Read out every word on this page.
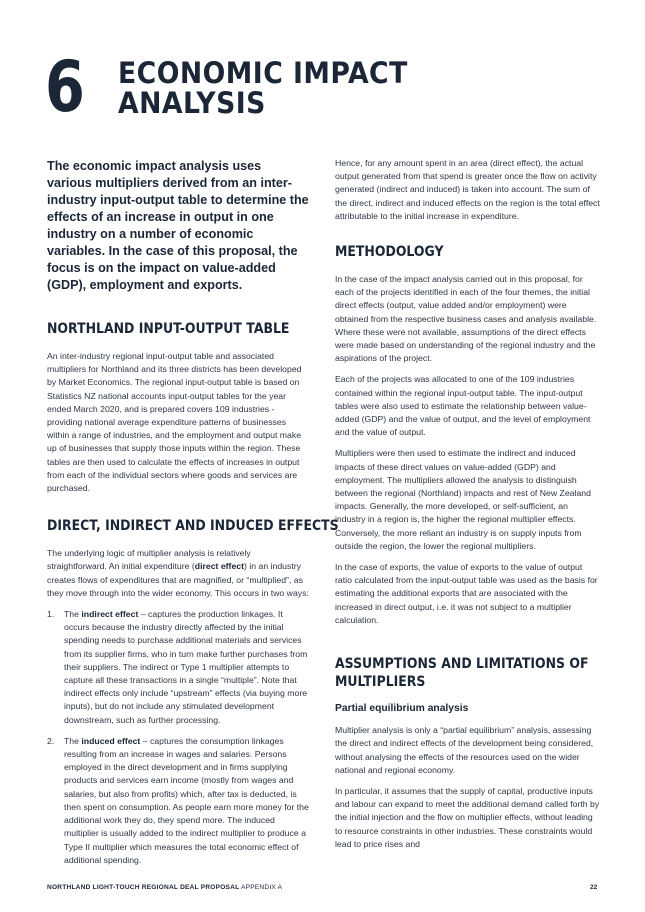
6 ECONOMIC IMPACT
ANALYSIS

The economic impact analysis uses various multipliers derived from an inter-industry input-output table to determine the effects of an increase in output in one industry on a number of economic variables. In the case of this proposal, the focus is on the impact on value-added (GDP), employment and exports.

NORTHLAND INPUT-OUTPUT TABLE

An inter-industry regional input-output table and associated multipliers for Northland and its three districts has been developed by Market Economics. The regional input-output table is based on Statistics NZ national accounts input-output tables for the year ended March 2020, and is prepared covers 109 industries - providing national average expenditure patterns of businesses within a range of industries, and the employment and output make up of businesses that supply those inputs within the region. These tables are then used to calculate the effects of increases in output from each of the individual sectors where goods and services are purchased.

DIRECT, INDIRECT AND INDUCED EFFECTS

The underlying logic of multiplier analysis is relatively straightforward. An initial expenditure (direct effect) in an industry creates flows of expenditures that are magnified, or “multiplied”, as they move through into the wider economy. This occurs in two ways:

1. The indirect effect – captures the production linkages. It occurs because the industry directly affected by the initial spending needs to purchase additional materials and services from its supplier firms, who in turn make further purchases from their suppliers. The indirect or Type 1 multiplier attempts to capture all these transactions in a single “multiple”. Note that indirect effects only include “upstream” effects (via buying more inputs), but do not include any stimulated development downstream, such as further processing.
2. The induced effect – captures the consumption linkages resulting from an increase in wages and salaries. Persons employed in the direct development and in firms supplying products and services earn income (mostly from wages and salaries, but also from profits) which, after tax is deducted, is then spent on consumption. As people earn more money for the additional work they do, they spend more. The induced multiplier is usually added to the indirect multiplier to produce a Type II multiplier which measures the total economic effect of additional spending.

Hence, for any amount spent in an area (direct effect), the actual output generated from that spend is greater once the flow on activity generated (indirect and induced) is taken into account. The sum of the direct, indirect and induced effects on the region is the total effect attributable to the initial increase in expenditure.

METHODOLOGY

In the case of the impact analysis carried out in this proposal, for each of the projects identified in each of the four themes, the initial direct effects (output, value added and/or employment) were obtained from the respective business cases and analysis available. Where these were not available, assumptions of the direct effects were made based on understanding of the regional industry and the aspirations of the project.

Each of the projects was allocated to one of the 109 industries contained within the regional input-output table. The input-output tables were also used to estimate the relationship between value-added (GDP) and the value of output, and the level of employment and the value of output.

Multipliers were then used to estimate the indirect and induced impacts of these direct values on value-added (GDP) and employment. The multipliers allowed the analysis to distinguish between the regional (Northland) impacts and rest of New Zealand impacts. Generally, the more developed, or self-sufficient, an industry in a region is, the higher the regional multiplier effects. Conversely, the more reliant an industry is on supply inputs from outside the region, the lower the regional multipliers.

In the case of exports, the value of exports to the value of output ratio calculated from the input-output table was used as the basis for estimating the additional exports that are associated with the increased in direct output, i.e. it was not subject to a multiplier calculation.

ASSUMPTIONS AND LIMITATIONS OF MULTIPLIERS
Partial equilibrium analysis

Multiplier analysis is only a “partial equilibrium” analysis, assessing the direct and indirect effects of the development being considered, without analysing the effects of the resources used on the wider national and regional economy.

In particular, it assumes that the supply of capital, productive inputs and labour can expand to meet the additional demand called forth by the initial injection and the flow on multiplier effects, without leading to resource constraints in other industries. These constraints would lead to price rises and

NORTHLAND LIGHT-TOUCH REGIONAL DEAL PROPOSAL APPENDIX A	22
